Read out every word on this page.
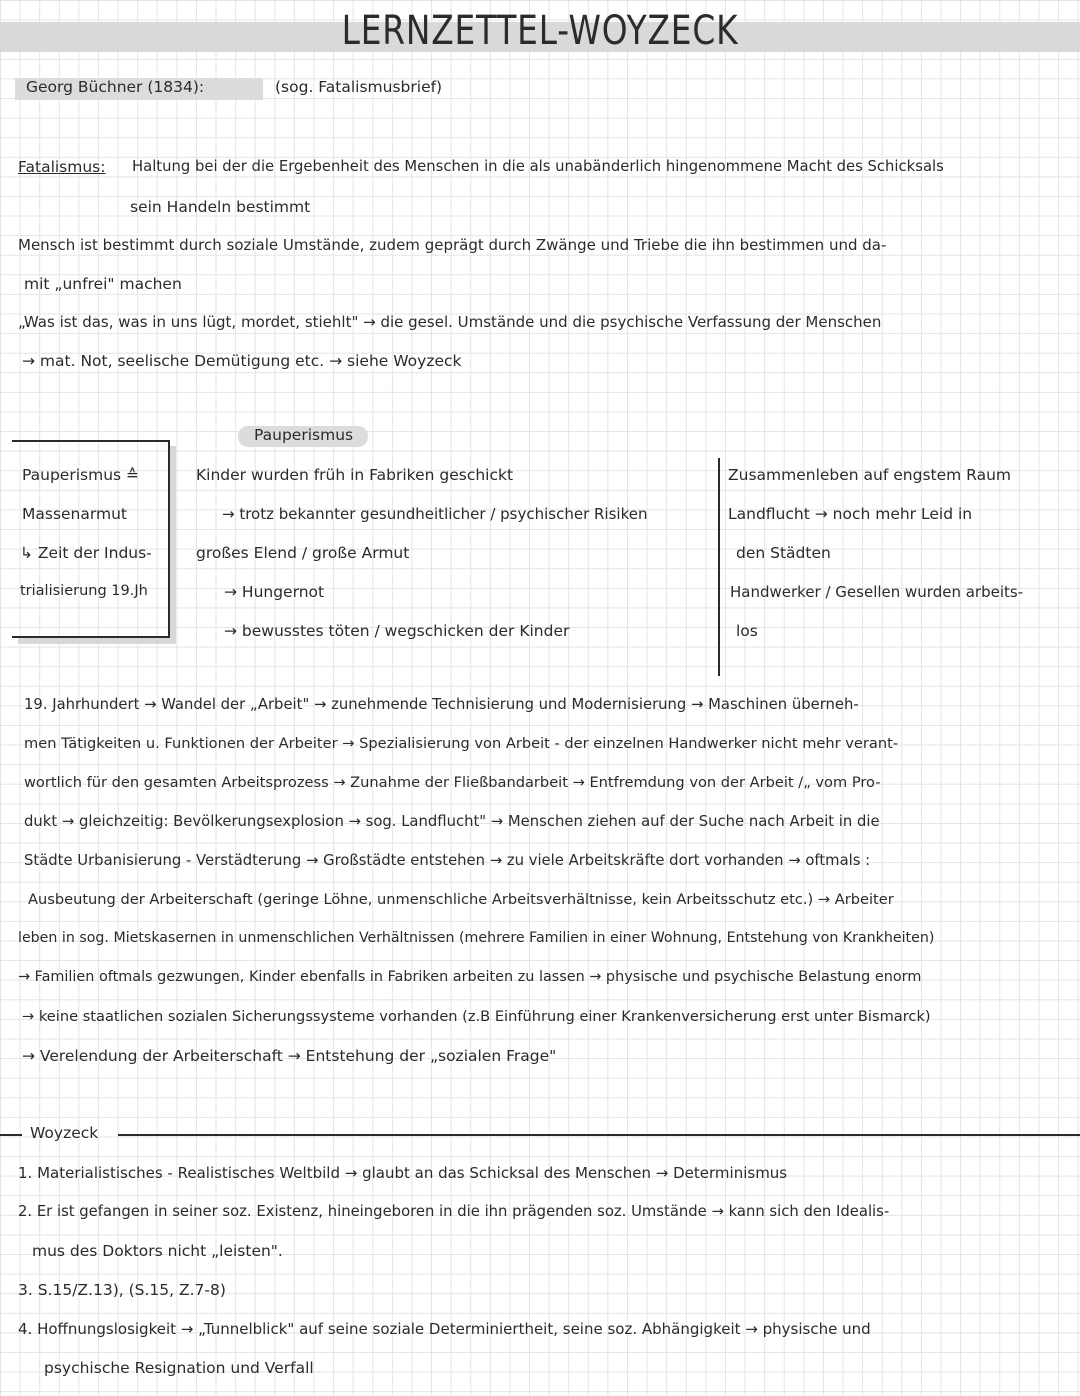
LERNZETTEL-WOYZECK
Georg Büchner (1834):	(sog. Fatalismusbrief)
Fatalismus: Haltung bei der die Ergebenheit des Menschen in die als unabänderlich hingenommene Macht des Schicksals
sein Handeln bestimmt
Mensch ist bestimmt durch soziale Umstände, zudem geprägt durch Zwänge und Triebe die ihn bestimmen und da-
mit „unfrei" machen
„Was ist das, was in uns lügt, mordet, stiehlt" → die gesel. Umstände und die psychische Verfassung der Menschen
→ mat. Not, seelische Demütigung etc. → siehe Woyzeck
Pauperismus
Pauperismus ≙
Massenarmut
↳ Zeit der Indus-
trialisierung 19.Jh
Kinder wurden früh in Fabriken geschickt
→ trotz bekannter gesundheitlicher / psychischer Risiken
großes Elend / große Armut
→ Hungernot
→ bewusstes töten / wegschicken der Kinder
Zusammenleben auf engstem Raum
Landflucht → noch mehr Leid in
den Städten
Handwerker / Gesellen wurden arbeits-
los
19. Jahrhundert → Wandel der „Arbeit" → zunehmende Technisierung und Modernisierung → Maschinen überneh-
men Tätigkeiten u. Funktionen der Arbeiter → Spezialisierung von Arbeit - der einzelnen Handwerker nicht mehr verant-
wortlich für den gesamten Arbeitsprozess → Zunahme der Fließbandarbeit → Entfremdung von der Arbeit /„ vom Pro-
dukt → gleichzeitig: Bevölkerungsexplosion → sog. Landflucht" → Menschen ziehen auf der Suche nach Arbeit in die
Städte Urbanisierung - Verstädterung → Großstädte entstehen → zu viele Arbeitskräfte dort vorhanden → oftmals :
Ausbeutung der Arbeiterschaft (geringe Löhne, unmenschliche Arbeitsverhältnisse, kein Arbeitsschutz etc.) → Arbeiter
leben in sog. Mietskasernen in unmenschlichen Verhältnissen (mehrere Familien in einer Wohnung, Entstehung von Krankheiten)
→ Familien oftmals gezwungen, Kinder ebenfalls in Fabriken arbeiten zu lassen → physische und psychische Belastung enorm
→ keine staatlichen sozialen Sicherungssysteme vorhanden (z.B Einführung einer Krankenversicherung erst unter Bismarck)
→ Verelendung der Arbeiterschaft → Entstehung der „sozialen Frage"
Woyzeck
1. Materialistisches - Realistisches Weltbild → glaubt an das Schicksal des Menschen → Determinismus
2. Er ist gefangen in seiner soz. Existenz, hineingeboren in die ihn prägenden soz. Umstände → kann sich den Idealis-
mus des Doktors nicht „leisten".
3. S.15/Z.13), (S.15, Z.7-8)
4. Hoffnungslosigkeit → „Tunnelblick" auf seine soziale Determiniertheit, seine soz. Abhängigkeit → physische und
psychische Resignation und Verfall
